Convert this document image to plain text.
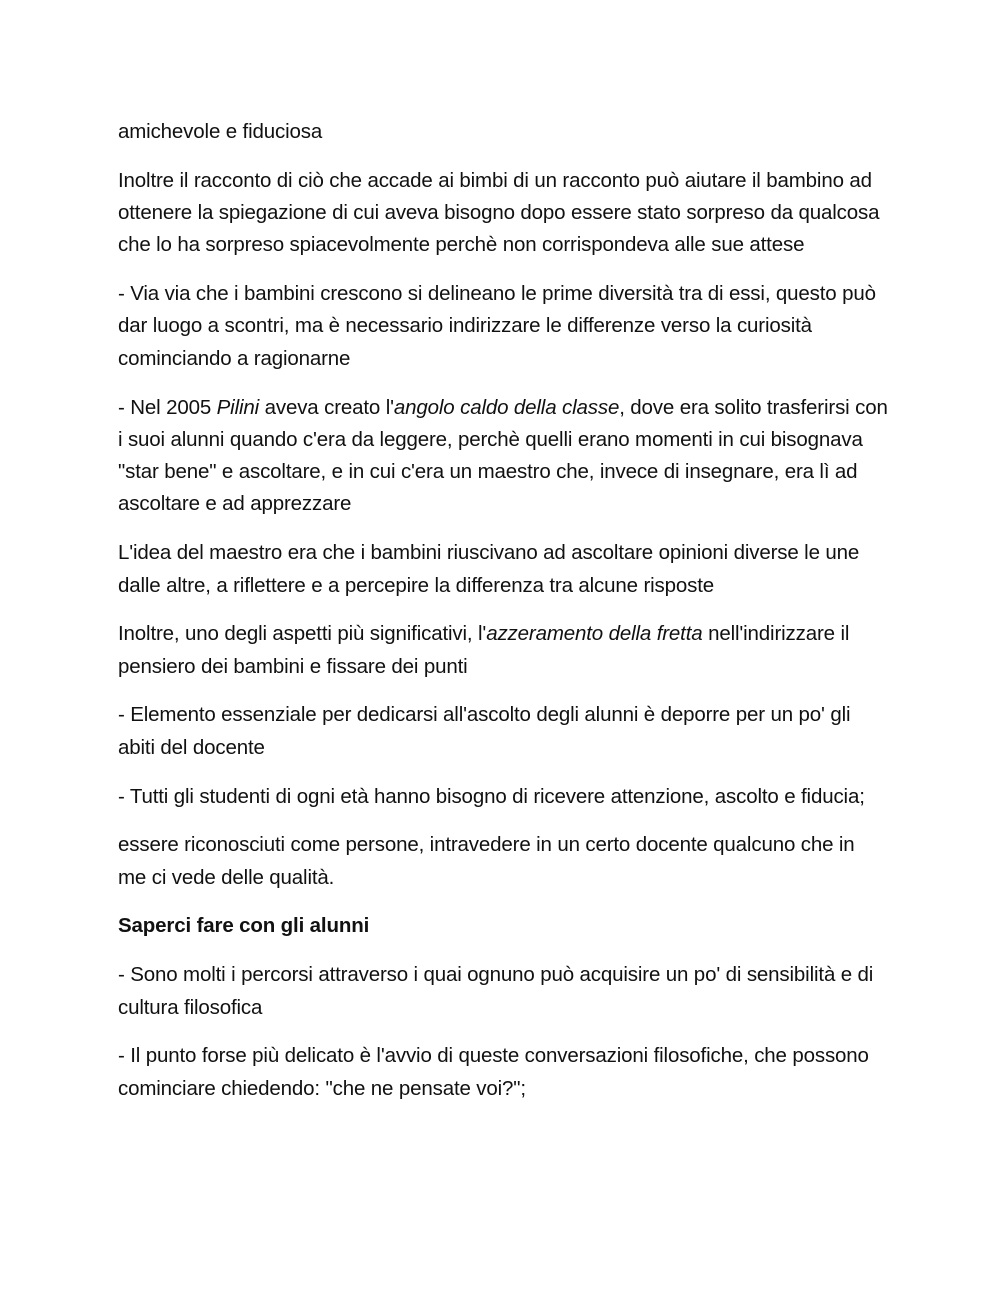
amichevole e fiduciosa

Inoltre il racconto di ciò che accade ai bimbi di un racconto può aiutare il bambino ad ottenere la spiegazione di cui aveva bisogno dopo essere stato sorpreso da qualcosa che lo ha sorpreso spiacevolmente perchè non corrispondeva alle sue attese

- Via via che i bambini crescono si delineano le prime diversità tra di essi, questo può dar luogo a scontri, ma è necessario indirizzare le differenze verso la curiosità cominciando a ragionarne

- Nel 2005 Pilini aveva creato l'angolo caldo della classe, dove era solito trasferirsi con i suoi alunni quando c'era da leggere, perchè quelli erano momenti in cui bisognava "star bene" e ascoltare, e in cui c'era un maestro che, invece di insegnare, era lì ad ascoltare e ad apprezzare

L'idea del maestro era che i bambini riuscivano ad ascoltare opinioni diverse le une dalle altre, a riflettere e a percepire la differenza tra alcune risposte

Inoltre, uno degli aspetti più significativi, l'azzeramento della fretta nell'indirizzare il pensiero dei bambini e fissare dei punti

- Elemento essenziale per dedicarsi all'ascolto degli alunni è deporre per un po' gli abiti del docente

- Tutti gli studenti di ogni età hanno bisogno di ricevere attenzione, ascolto e fiducia;

essere riconosciuti come persone, intravedere in un certo docente qualcuno che in me ci vede delle qualità.

Saperci fare con gli alunni

- Sono molti i percorsi attraverso i quai ognuno può acquisire un po' di sensibilità e di cultura filosofica

- Il punto forse più delicato è l'avvio di queste conversazioni filosofiche, che possono cominciare chiedendo: "che ne pensate voi?";
